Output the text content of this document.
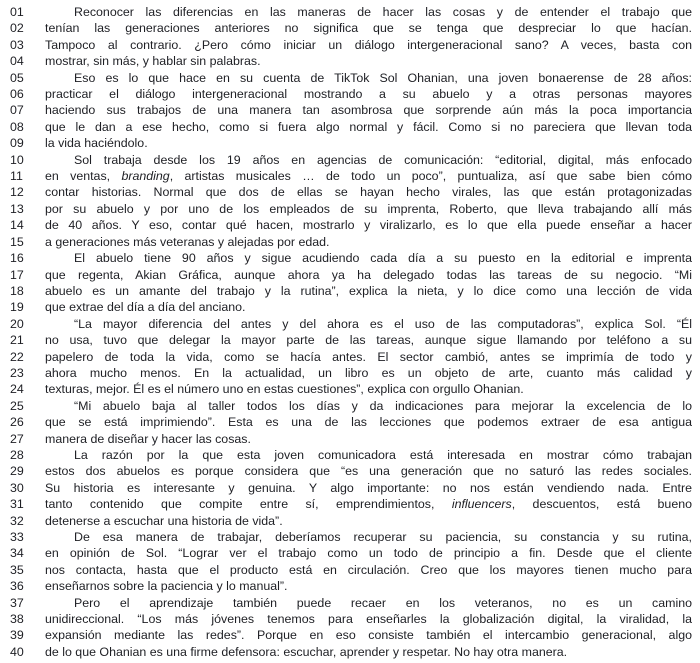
01	Reconocer las diferencias en las maneras de hacer las cosas y de entender el trabajo que
02	tenían las generaciones anteriores no significa que se tenga que despreciar lo que hacían.
03	Tampoco al contrario. ¿Pero cómo iniciar un diálogo intergeneracional sano? A veces, basta con
04	mostrar, sin más, y hablar sin palabras.
05	Eso es lo que hace en su cuenta de TikTok Sol Ohanian, una joven bonaerense de 28 años:
06	practicar el diálogo intergeneracional mostrando a su abuelo y a otras personas mayores
07	haciendo sus trabajos de una manera tan asombrosa que sorprende aún más la poca importancia
08	que le dan a ese hecho, como si fuera algo normal y fácil. Como si no pareciera que llevan toda
09	la vida haciéndolo.
10	Sol trabaja desde los 19 años en agencias de comunicación: “editorial, digital, más enfocado
11	en ventas, branding, artistas musicales … de todo un poco”, puntualiza, así que sabe bien cómo
12	contar historias. Normal que dos de ellas se hayan hecho virales, las que están protagonizadas
13	por su abuelo y por uno de los empleados de su imprenta, Roberto, que lleva trabajando allí más
14	de 40 años. Y eso, contar qué hacen, mostrarlo y viralizarlo, es lo que ella puede enseñar a hacer
15	a generaciones más veteranas y alejadas por edad.
16	El abuelo tiene 90 años y sigue acudiendo cada día a su puesto en la editorial e imprenta
17	que regenta, Akian Gráfica, aunque ahora ya ha delegado todas las tareas de su negocio. “Mi
18	abuelo es un amante del trabajo y la rutina”, explica la nieta, y lo dice como una lección de vida
19	que extrae del día a día del anciano.
20	“La mayor diferencia del antes y del ahora es el uso de las computadoras”, explica Sol. “Él
21	no usa, tuvo que delegar la mayor parte de las tareas, aunque sigue llamando por teléfono a su
22	papelero de toda la vida, como se hacía antes. El sector cambió, antes se imprimía de todo y
23	ahora mucho menos. En la actualidad, un libro es un objeto de arte, cuanto más calidad y
24	texturas, mejor. Él es el número uno en estas cuestiones”, explica con orgullo Ohanian.
25	“Mi abuelo baja al taller todos los días y da indicaciones para mejorar la excelencia de lo
26	que se está imprimiendo”. Esta es una de las lecciones que podemos extraer de esa antigua
27	manera de diseñar y hacer las cosas.
28	La razón por la que esta joven comunicadora está interesada en mostrar cómo trabajan
29	estos dos abuelos es porque considera que “es una generación que no saturó las redes sociales.
30	Su historia es interesante y genuina. Y algo importante: no nos están vendiendo nada. Entre
31	tanto contenido que compite entre sí, emprendimientos, influencers, descuentos, está bueno
32	detenerse a escuchar una historia de vida”.
33	De esa manera de trabajar, deberíamos recuperar su paciencia, su constancia y su rutina,
34	en opinión de Sol. “Lograr ver el trabajo como un todo de principio a fin. Desde que el cliente
35	nos contacta, hasta que el producto está en circulación. Creo que los mayores tienen mucho para
36	enseñarnos sobre la paciencia y lo manual”.
37	Pero el aprendizaje también puede recaer en los veteranos, no es un camino
38	unidireccional. “Los más jóvenes tenemos para enseñarles la globalización digital, la viralidad, la
39	expansión mediante las redes”. Porque en eso consiste también el intercambio generacional, algo
40	de lo que Ohanian es una firme defensora: escuchar, aprender y respetar. No hay otra manera.
